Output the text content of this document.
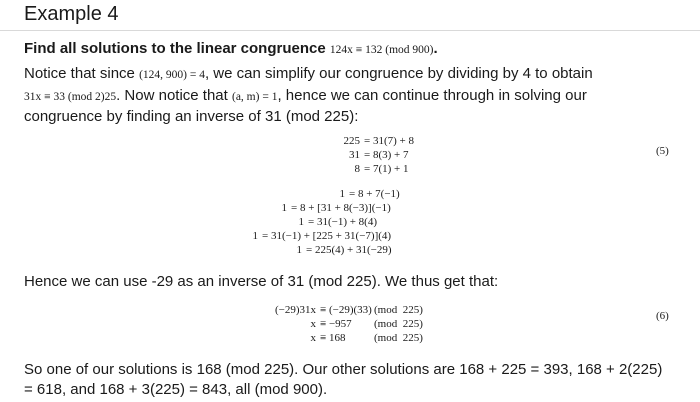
Example 4
Find all solutions to the linear congruence 124x ≡ 132 (mod 900).
Notice that since (124, 900) = 4, we can simplify our congruence by dividing by 4 to obtain
31x ≡ 33 (mod 2)25. Now notice that (a, m) = 1, hence we can continue through in solving our
congruence by finding an inverse of 31 (mod 225):
225 = 31(7) + 8
31 = 8(3) + 7
8 = 7(1) + 1
(5)
1 = 8 + 7(−1)
1 = 8 + [31 + 8(−3)](−1)
1 = 31(−1) + 8(4)
1 = 31(−1) + [225 + 31(−7)](4)
1 = 225(4) + 31(−29)
Hence we can use -29 as an inverse of 31 (mod 225). We thus get that:
(−29)31x ≡ (−29)(33) (mod  225)
x ≡ −957 (mod  225)
x ≡ 168	(mod  225)
(6)
So one of our solutions is 168 (mod 225). Our other solutions are 168 + 225 = 393, 168 + 2(225)
= 618, and 168 + 3(225) = 843, all (mod 900).
